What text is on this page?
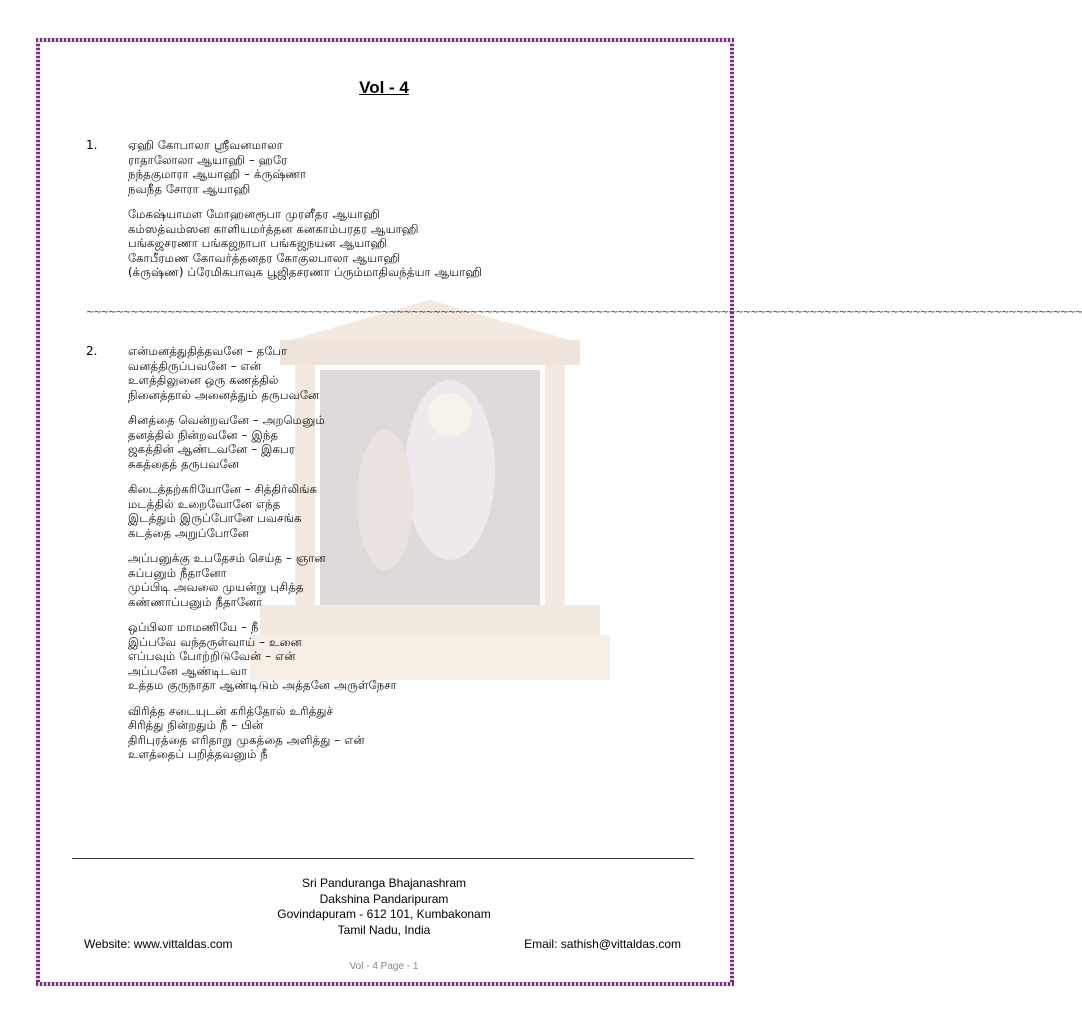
Vol - 4
1.	ஏஹி கோபாலா ஶ்ரீவனமாலா
ராதாலோலா ஆயாஹி – ஹரே
நந்தகுமாரா ஆயாஹி – க்ருஷ்ணா
நவநீத சோரா ஆயாஹி
மேகஷ்யாமள மோஹனரூபா முரளீதர ஆயாஹி
கம்ஸத்வம்ஸன காளியமர்த்தன கனகாம்பரதர ஆயாஹி
பங்கஜசரணா பங்கஜநாபா பங்கஜநயன ஆயாஹி
கோபீரமண கோவர்த்தனதர கோகுலபாலா ஆயாஹி
(க்ருஷ்ண) ப்ரேமிகபாவுக பூஜிதசரணா ப்ரும்மாதிவந்த்யா ஆயாஹி
~~~~~~~~~~~~~~~~~~~~~~~~~~~~~~~~~~~~~~~~~~~~~~~~~~~~~~~~~~~~~~~~~~~~~~~~~~~~~~~~~~~~~~~~~~~~~~~~~~~~~~~~~~~~~~~~~~~~~~~~~~~~~~~~~~~~~~~
2.	என்மனத்துதித்தவனே – தபோ
வனத்திருப்பவனே – என்
உளத்திலுனை ஒரு கணத்தில்
நினைத்தால் அனைத்தும் தருபவனே
சினத்தை வென்றவனே – அறமெனும்
தனத்தில் நின்றவனே – இந்த
ஜகத்தின் ஆண்டவனே – இகபர
சுகத்தைத் தருபவனே
கிடைத்தற்கரியோனே – சித்திர்லிங்க
மடத்தில் உறைவோனே எந்த
இடத்தும் இருப்போனே பவசங்க
கடத்தை அறுப்போனே
அப்பனுக்கு உபதேசம் செய்த – ஞான
சுப்பனும் நீதானோ
முப்பிடி அவலை முயன்று புசித்த
கண்ணாப்பனும் நீதானோ
ஒப்பிலா மாமணியே – நீ
இப்பவே வந்தருள்வாய் – உனை
எப்பவும் போற்றிடுவேன் – என்
அப்பனே ஆண்டிடவா
உத்தம குருநாதா ஆண்டிடும் அத்தனே அருள்நேசா
விரித்த சடையுடன் கரித்தோல் உரித்துச்
சிரித்து நின்றதும் நீ – பின்
திரிபுரத்தை எரிதாறு முகத்தை அளித்து – என்
உளத்தைப் பறித்தவனும் நீ
Sri Panduranga Bhajanashram
Dakshina Pandaripuram
Govindapuram - 612 101, Kumbakonam
Tamil Nadu, India
Website: www.vittaldas.com	Email: sathish@vittaldas.com
Vol - 4 Page - 1
